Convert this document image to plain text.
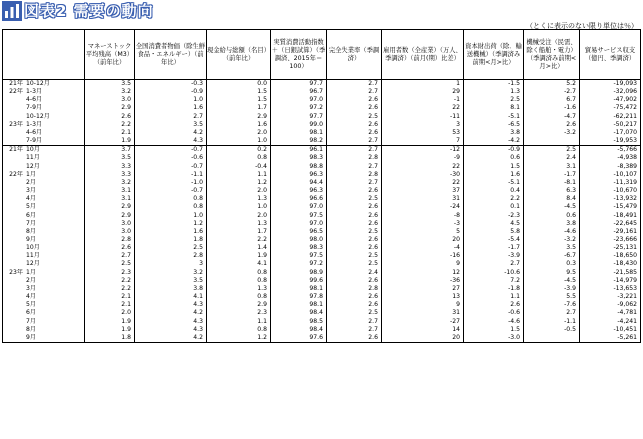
図表2 需要の動向
（とくに表示のない限り単位は％）
	マネーストック平均残高（M3）（前年比）	全国消費者物価（除生鮮食品・エネルギー）（前年比）	現金給与総額（名目）（前年比）	実質消費活動指数＋（日銀試算）（季調済、2015年＝100）	完全失業率（季調済）	雇用者数（全産業）（万人、季調済）（前月(期）比差）	資本財出荷（除．輸送機械）（季調済み前期<月>比）	機械受注（民需、除く船舶・電力）（季調済み前期<月>比）	貿易サービス収支（億円、季調済）
21年 10-12月	3.5	-0.3	0.0	97.7	2.7	1	-1.5	5.2	-19,093
22年 1-3月	3.2	-0.9	1.5	96.7	2.7	29	1.3	-2.7	-32,096
4-6月	3.0	1.0	1.5	97.0	2.6	-1	2.5	6.7	-47,902
7-9月	2.9	1.6	1.7	97.2	2.6	22	8.1	-1.6	-75,472
10-12月	2.6	2.7	2.9	97.7	2.5	-11	-5.1	-4.7	-62,211
23年 1-3月	2.2	3.5	1.6	99.0	2.6	3	-6.5	2.6	-50,217
4-6月	2.1	4.2	2.0	98.1	2.6	53	3.8	-3.2	-17,070
7-9月	1.9	4.3	1.0	98.2	2.7	7	-4.2		-19,953
21年 10月	3.7	-0.7	0.2	96.1	2.7	-12	-0.9	2.5	-5,766
11月	3.5	-0.6	0.8	98.3	2.8	-9	0.6	2.4	-4,938
12月	3.3	-0.7	-0.4	98.8	2.7	22	1.5	3.1	-8,389
22年 1月	3.3	-1.1	1.1	96.3	2.8	-30	1.6	-1.7	-10,107
2月	3.2	-1.0	1.2	94.4	2.7	22	-5.1	-8.1	-11,319
3月	3.1	-0.7	2.0	96.3	2.6	37	0.4	6.3	-10,670
4月	3.1	0.8	1.3	96.6	2.5	31	2.2	8.4	-13,932
5月	2.9	0.8	1.0	97.0	2.6	-24	0.1	-4.5	-15,479
6月	2.9	1.0	2.0	97.5	2.6	-8	-2.3	0.6	-18,491
7月	3.0	1.2	1.3	97.0	2.6	-3	4.5	3.8	-22,645
8月	3.0	1.6	1.7	96.5	2.5	5	5.8	-4.6	-29,161
9月	2.8	1.8	2.2	98.0	2.6	20	-5.4	-3.2	-23,666
10月	2.6	2.5	1.4	98.3	2.6	-4	-1.7	3.5	-25,131
11月	2.7	2.8	1.9	97.5	2.5	-16	-3.9	-6.7	-18,650
12月	2.5	3	4.1	97.2	2.5	9	2.7	0.3	-18,430
23年 1月	2.3	3.2	0.8	98.9	2.4	12	-10.6	9.5	-21,585
2月	2.2	3.5	0.8	99.6	2.6	-36	7.2	-4.5	-14,979
3月	2.2	3.8	1.3	98.1	2.8	27	-1.8	-3.9	-13,653
4月	2.1	4.1	0.8	97.8	2.6	13	1.1	5.5	-3,221
5月	2.1	4.3	2.9	98.1	2.6	9	2.6	-7.6	-9,062
6月	2.0	4.2	2.3	98.4	2.5	31	-0.6	2.7	-4,781
7月	1.9	4.3	1.1	98.5	2.7	-27	-4.6	-1.1	-4,241
8月	1.9	4.3	0.8	98.4	2.7	14	1.5	-0.5	-10,451
9月	1.8	4.2	1.2	97.6	2.6	20	-3.0		-5,261
